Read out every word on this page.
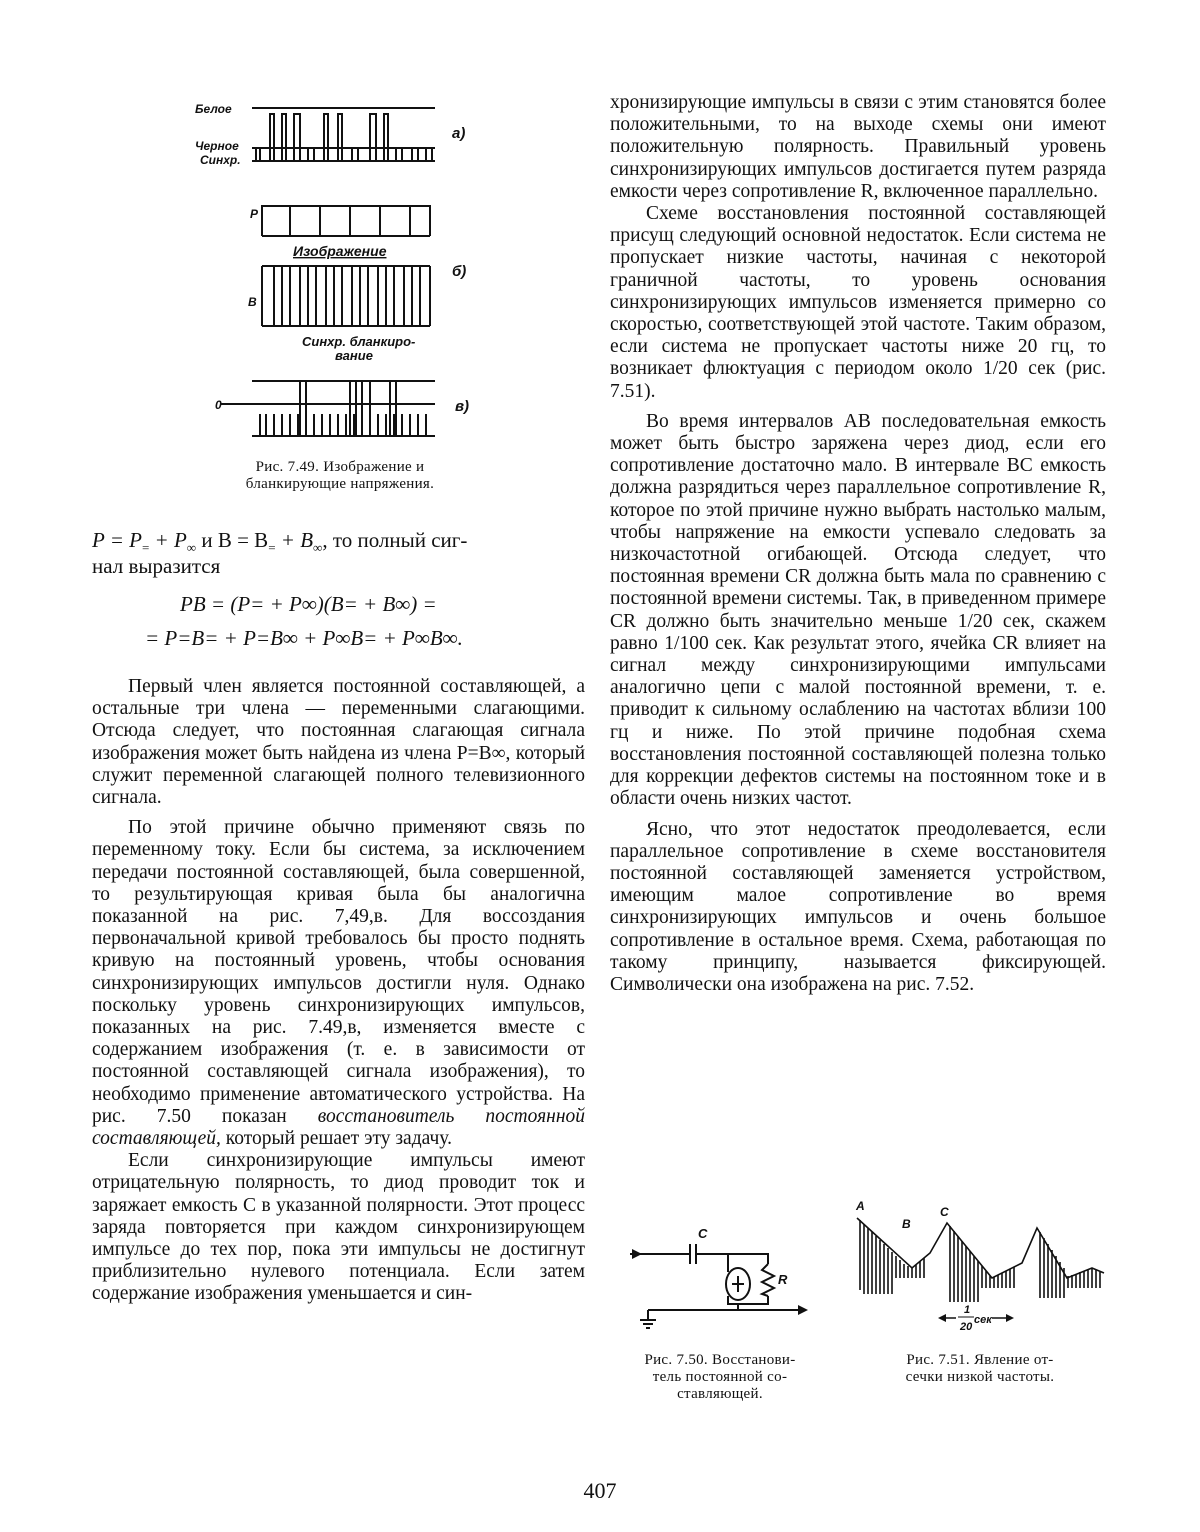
Белое
Черное
Синхр.
а)
P
Изображение
В
б)
Синхр. бланкиро-
вание
0	в)
Рис. 7.49. Изображение и
бланкирующие напряжения.
$P = P_= + P_\infty$ и $B = B_= + B_\infty$, то полный сиг-
нал выразится
PB = (P= + P∞)(B= + B∞) =
= P=B= + P=B∞ + P∞B= + P∞B∞.

Первый член является постоянной составляющей, а остальные три члена — переменными слагающими. Отсюда следует, что постоянная слагающая сигнала изображения может быть найдена из члена P=B∞, который служит переменной слагающей полного телевизионного сигнала.

По этой причине обычно применяют связь по переменному току. Если бы система, за исключением передачи постоянной составляющей, была совершенной, то результирующая кривая была бы аналогична показанной на рис. 7,49,в. Для воссоздания первоначальной кривой требовалось бы просто поднять кривую на постоянный уровень, чтобы основания синхронизирующих импульсов достигли нуля. Однако поскольку уровень синхронизирующих импульсов, показанных на рис. 7.49,в, изменяется вместе с содержанием изображения (т. е. в зависимости от постоянной составляющей сигнала изображения), то необходимо применение автоматического устройства. На рис. 7.50 показан восстановитель постоянной составляющей, который решает эту задачу.

Если синхронизирующие импульсы имеют отрицательную полярность, то диод проводит ток и заряжает емкость C в указанной полярности. Этот процесс заряда повторяется при каждом синхронизирующем импульсе до тех пор, пока эти импульсы не достигнут приблизительно нулевого потенциала. Если затем содержание изображения уменьшается и син-

хронизирующие импульсы в связи с этим становятся более положительными, то на выходе схемы они имеют положительную полярность. Правильный уровень синхронизирующих импульсов достигается путем разряда емкости через сопротивление R, включенное параллельно.

Схеме восстановления постоянной составляющей присущ следующий основной недостаток. Если система не пропускает низкие частоты, начиная с некоторой граничной частоты, то уровень основания синхронизирующих импульсов изменяется примерно со скоростью, соответствующей этой частоте. Таким образом, если система не пропускает частоты ниже 20 гц, то возникает флюктуация с периодом около 1/20 сек (рис. 7.51).

Во время интервалов AB последовательная емкость может быть быстро заряжена через диод, если его сопротивление достаточно мало. В интервале BC емкость должна разрядиться через параллельное сопротивление R, которое по этой причине нужно выбрать настолько малым, чтобы напряжение на емкости успевало следовать за низкочастотной огибающей. Отсюда следует, что постоянная времени CR должна быть мала по сравнению с постоянной времени системы. Так, в приведенном примере CR должно быть значительно меньше 1/20 сек, скажем равно 1/100 сек. Как результат этого, ячейка CR влияет на сигнал между синхронизирующими импульсами аналогично цепи с малой постоянной времени, т. е. приводит к сильному ослаблению на частотах вблизи 100 гц и ниже. По этой причине подобная схема восстановления постоянной составляющей полезна только для коррекции дефектов системы на постоянном токе и в области очень низких частот.

Ясно, что этот недостаток преодолевается, если параллельное сопротивление в схеме восстановителя постоянной составляющей заменяется устройством, имеющим малое сопротивление во время синхронизирующих импульсов и очень большое сопротивление в остальное время. Схема, работающая по такому принципу, называется фиксирующей. Символически она изображена на рис. 7.52.

C
R
Рис. 7.50. Восстанови-
тель постоянной со-
ставляющей.
A
B
C
1
20
сек
Рис. 7.51. Явление от-
сечки низкой частоты.
407
